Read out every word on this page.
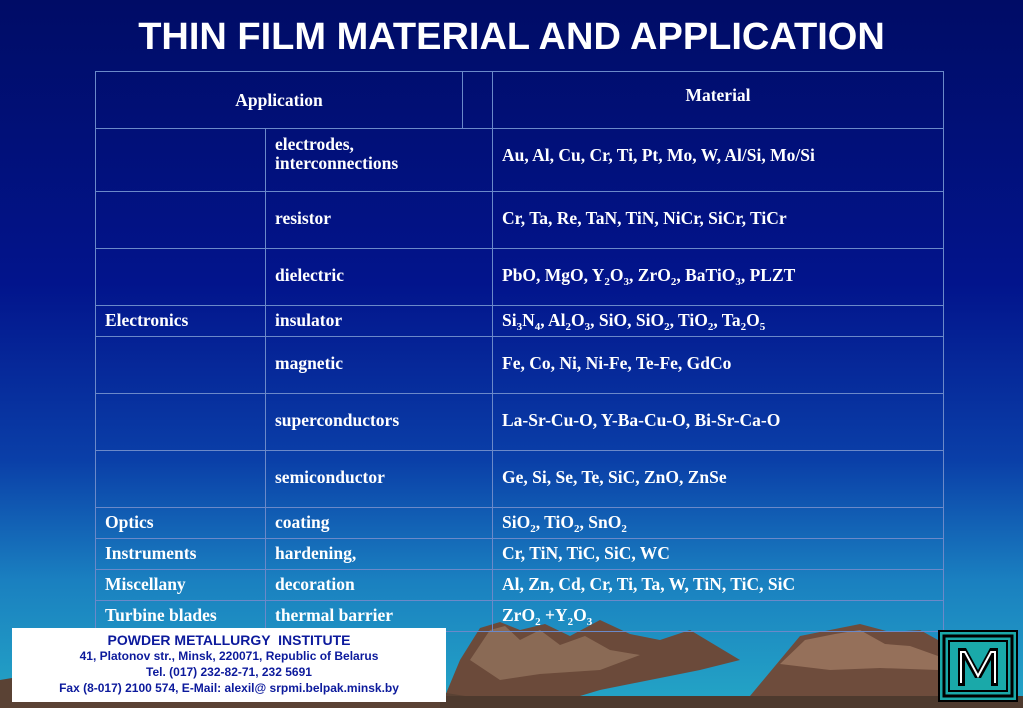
THIN FILM MATERIAL AND APPLICATION
Application			Material

	electrodes, interconnections		Au, Al, Cu, Cr, Ti, Pt, Mo, W, Al/Si, Mo/Si
	resistor		Cr, Ta, Re, TaN, TiN, NiCr, SiCr, TiCr
	dielectric		PbO, MgO, $Y_2O_3$, ZrO$_2$, BaTiO$_3$, PLZT
Electronics	insulator		$Si_3N_4$, $Al_2O_3$, SiO, SiO$_2$, TiO$_2$, $Ta_2O_5$
	magnetic		Fe, Co, Ni, Ni-Fe, Te-Fe, GdCo
	superconductors		La-Sr-Cu-O, Y-Ba-Cu-O, Bi-Sr-Ca-O
	semiconductor		Ge, Si, Se, Te, SiC, ZnO, ZnSe
Optics	coating		SiO$_2$, TiO$_2$, SnO$_2$
Instruments	hardening,		Cr, TiN, TiC, SiC, WC
Miscellany	decoration		Al, Zn, Cd, Cr, Ti, Ta, W, TiN, TiC, SiC
Turbine blades	thermal barrier		$ZrO_2 +Y_2O_3$
POWDER METALLURGY  INSTITUTE
41, Platonov str., Minsk, 220071, Republic of Belarus
Tel. (017) 232-82-71, 232 5691
Fax (8-017) 2100 574, E-Mail: alexil@ srpmi.belpak.minsk.by
